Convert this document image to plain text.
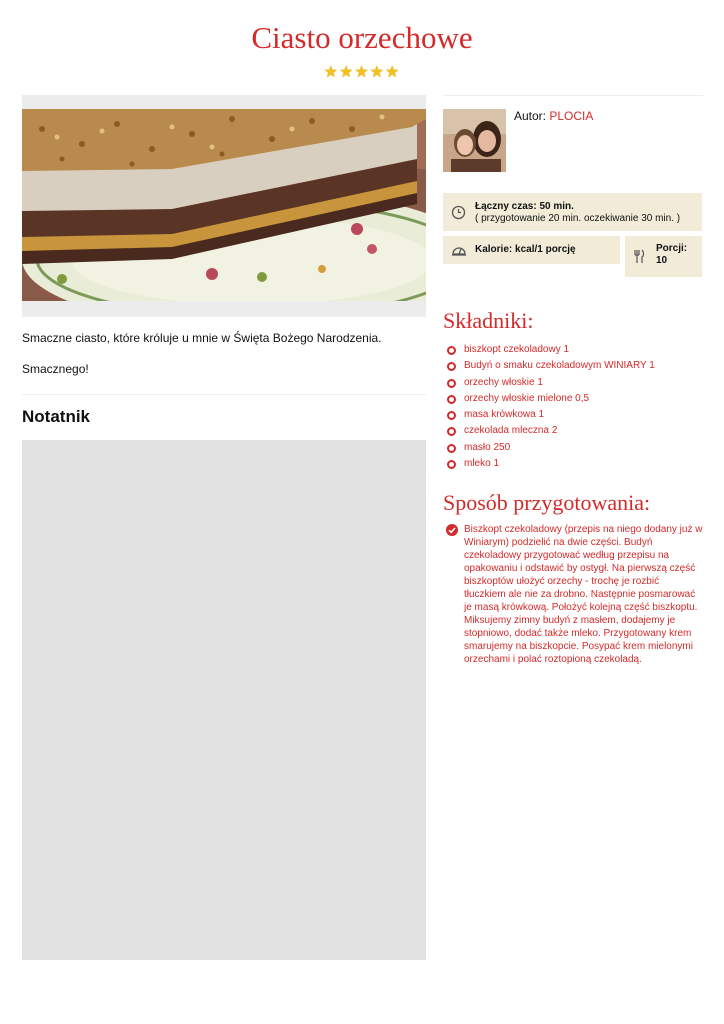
Ciasto orzechowe
★★★★★

Smaczne ciasto, które króluje u mnie w Święta Bożego Narodzenia.

Smacznego!

Notatnik
Autor: PLOCIA
Łączny czas: 50 min.
( przygotowanie 20 min. oczekiwanie 30 min. )
Kalorie: kcal/1 porcję	Porcji:
10
Składniki:
biszkopt czekoladowy 1
Budyń o smaku czekoladowym WINIARY 1
orzechy włoskie 1
orzechy włoskie mielone 0,5
masa krówkowa 1
czekolada mleczna 2
masło 250
mleko 1
Sposób przygotowania:
Biszkopt czekoladowy (przepis na niego dodany już w Winiarym) podzielić na dwie części. Budyń czekoladowy przygotować według przepisu na opakowaniu i odstawić by ostygł. Na pierwszą część biszkoptów ułożyć orzechy - trochę je rozbić tłuczkiem ale nie za drobno. Następnie posmarować je masą krówkową. Położyć kolejną część biszkoptu. Miksujemy zimny budyń z masłem, dodajemy je stopniowo, dodać także mleko. Przygotowany krem smarujemy na biszkopcie. Posypać krem mielonymi orzechami i polać roztopioną czekoladą.
